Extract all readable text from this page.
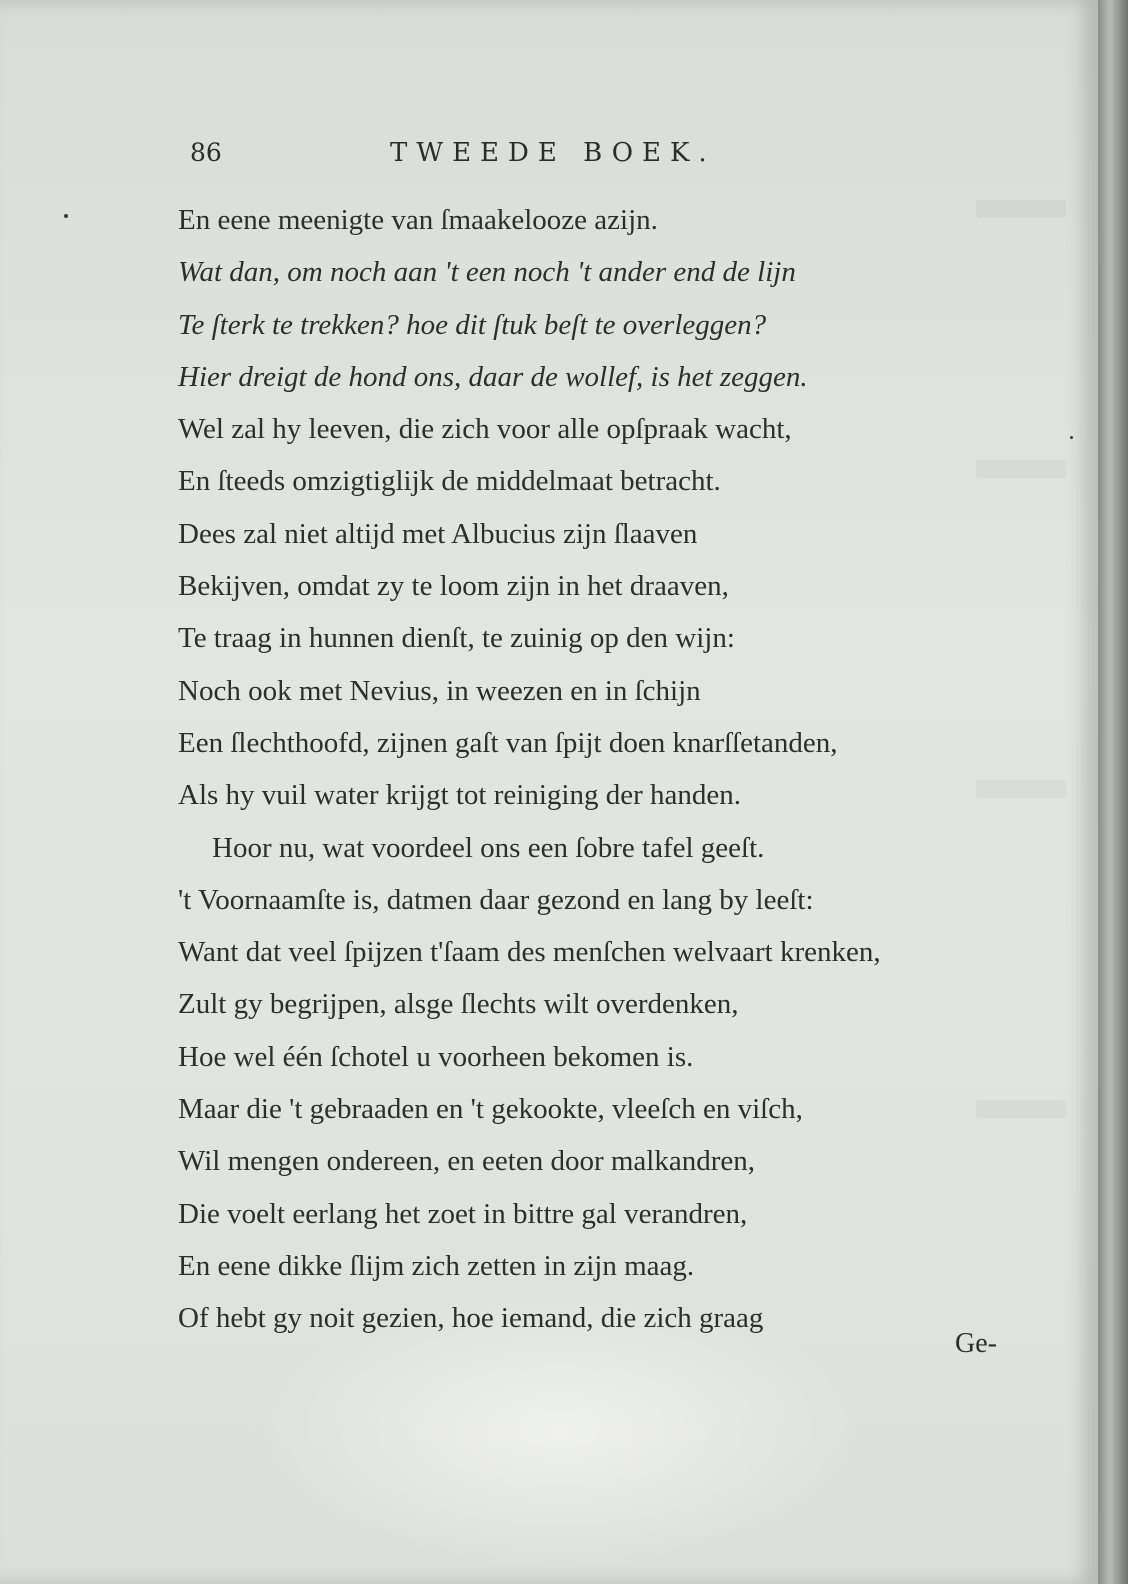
86	TWEEDE BOEK.
En eene meenigte van ſmaakelooze azijn.
Wat dan, om noch aan 't een noch 't ander end de lijn
Te ſterk te trekken? hoe dit ſtuk beſt te overleggen?
Hier dreigt de hond ons, daar de wollef, is het zeggen.
Wel zal hy leeven, die zich voor alle opſpraak wacht,
En ſteeds omzigtiglijk de middelmaat betracht.
Dees zal niet altijd met Albucius zijn ſlaaven
Bekijven, omdat zy te loom zijn in het draaven,
Te traag in hunnen dienſt, te zuinig op den wijn:
Noch ook met Nevius, in weezen en in ſchijn
Een ſlechthoofd, zijnen gaſt van ſpijt doen knarſſetanden,
Als hy vuil water krijgt tot reiniging der handen.
Hoor nu, wat voordeel ons een ſobre tafel geeſt.
't Voornaamſte is, datmen daar gezond en lang by leeſt:
Want dat veel ſpijzen t'ſaam des menſchen welvaart krenken,
Zult gy begrijpen, alsge ſlechts wilt overdenken,
Hoe wel één ſchotel u voorheen bekomen is.
Maar die 't gebraaden en 't gekookte, vleeſch en viſch,
Wil mengen ondereen, en eeten door malkandren,
Die voelt eerlang het zoet in bittre gal verandren,
En eene dikke ſlijm zich zetten in zijn maag.
Of hebt gy noit gezien, hoe iemand, die zich graag
Ge-
